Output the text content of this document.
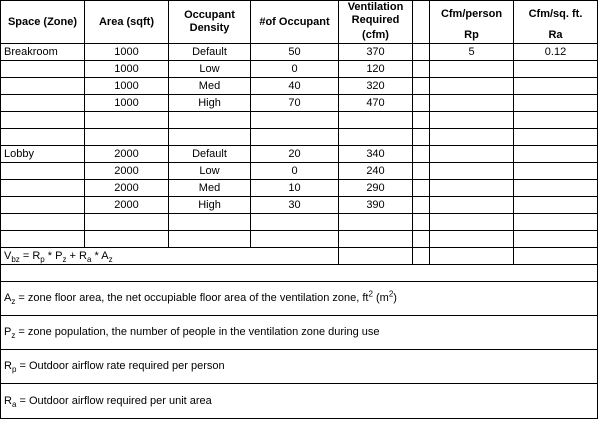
Space (Zone)	Area (sqft)	Occupant Density	#of Occupant	Ventilation Required		Cfm/person	Cfm/sq. ft.
				(cfm)		Rp	Ra
Breakroom	1000	Default	50	370		5	0.12
	1000	Low	0	120			
	1000	Med	40	320			
	1000	High	70	470			

Lobby	2000	Default	20	340			
	2000	Low	0	240			
	2000	Med	10	290			
	2000	High	30	390			

$V_{bz} = R_p * P_z + R_a * A_z$				

$A_z$ = zone floor area, the net occupiable floor area of the ventilation zone, $ft^2$ $(m^2)$							
$P_z$ = zone population, the number of people in the ventilation zone during use							
$R_p$ = Outdoor airflow rate required per person							
$R_a$ = Outdoor airflow required per unit area							
